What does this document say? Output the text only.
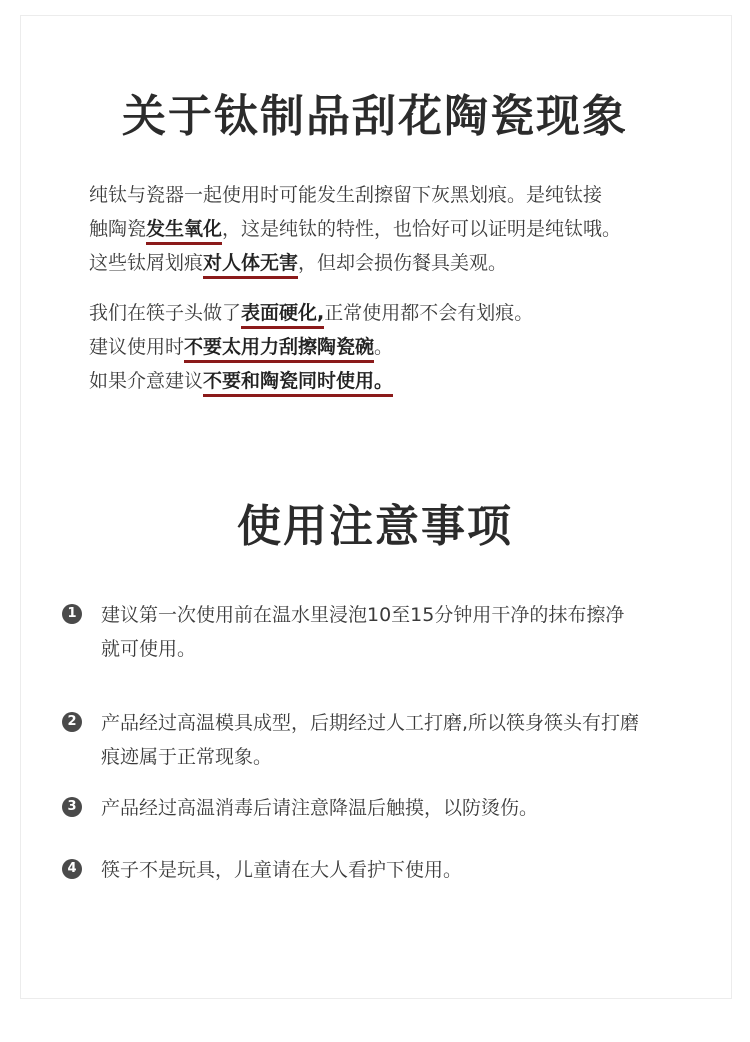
关于钛制品刮花陶瓷现象
纯钛与瓷器一起使用时可能发生刮擦留下灰黑划痕。是纯钛接
触陶瓷发生氧化，这是纯钛的特性，也恰好可以证明是纯钛哦。
这些钛屑划痕对人体无害，但却会损伤餐具美观。
我们在筷子头做了表面硬化,正常使用都不会有划痕。
建议使用时不要太用力刮擦陶瓷碗。
如果介意建议不要和陶瓷同时使用。
使用注意事项
1 建议第一次使用前在温水里浸泡10至15分钟用干净的抹布擦净
就可使用。
2 产品经过高温模具成型，后期经过人工打磨,所以筷身筷头有打磨
痕迹属于正常现象。
3 产品经过高温消毒后请注意降温后触摸，以防烫伤。
4 筷子不是玩具，儿童请在大人看护下使用。
